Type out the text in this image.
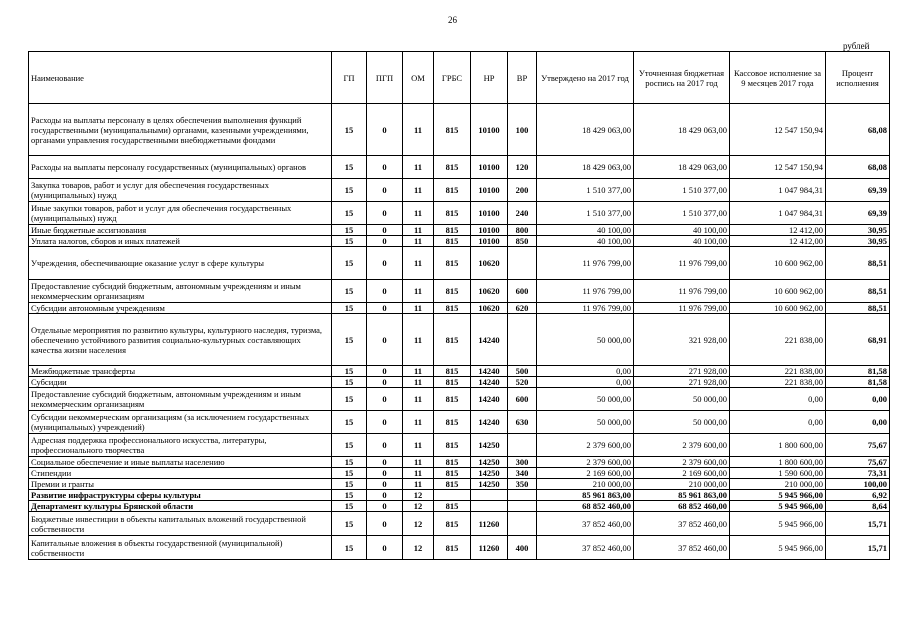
26
рублей
Наименование	ГП	ПГП	ОМ	ГРБС	НР	ВР	Утверждено на 2017 год	Уточненная бюджетная роспись на 2017 год	Кассовое исполнение за 9 месяцев 2017 года	Процент исполнения
Расходы на выплаты персоналу в целях обеспечения выполнения функций государственными (муниципальными) органами, казенными учреждениями, органами управления государственными внебюджетными фондами	15	0	11	815	10100	100	18 429 063,00	18 429 063,00	12 547 150,94	68,08
Расходы на выплаты персоналу государственных (муниципальных) органов	15	0	11	815	10100	120	18 429 063,00	18 429 063,00	12 547 150,94	68,08
Закупка товаров, работ и услуг для обеспечения государственных (муниципальных) нужд	15	0	11	815	10100	200	1 510 377,00	1 510 377,00	1 047 984,31	69,39
Иные закупки товаров, работ и услуг для обеспечения государственных (муниципальных) нужд	15	0	11	815	10100	240	1 510 377,00	1 510 377,00	1 047 984,31	69,39
Иные бюджетные ассигнования	15	0	11	815	10100	800	40 100,00	40 100,00	12 412,00	30,95
Уплата налогов, сборов и иных платежей	15	0	11	815	10100	850	40 100,00	40 100,00	12 412,00	30,95
Учреждения, обеспечивающие оказание услуг в сфере культуры	15	0	11	815	10620		11 976 799,00	11 976 799,00	10 600 962,00	88,51
Предоставление субсидий бюджетным, автономным учреждениям и иным некоммерческим организациям	15	0	11	815	10620	600	11 976 799,00	11 976 799,00	10 600 962,00	88,51
Субсидии автономным учреждениям	15	0	11	815	10620	620	11 976 799,00	11 976 799,00	10 600 962,00	88,51
Отдельные мероприятия по развитию культуры, культурного наследия, туризма, обеспечению устойчивого развития социально-культурных составляющих качества жизни населения	15	0	11	815	14240		50 000,00	321 928,00	221 838,00	68,91
Межбюджетные трансферты	15	0	11	815	14240	500	0,00	271 928,00	221 838,00	81,58
Субсидии	15	0	11	815	14240	520	0,00	271 928,00	221 838,00	81,58
Предоставление субсидий бюджетным, автономным учреждениям и иным некоммерческим организациям	15	0	11	815	14240	600	50 000,00	50 000,00	0,00	0,00
Субсидии некоммерческим организациям (за исключением государственных (муниципальных) учреждений)	15	0	11	815	14240	630	50 000,00	50 000,00	0,00	0,00
Адресная поддержка профессионального искусства, литературы, профессионального творчества	15	0	11	815	14250		2 379 600,00	2 379 600,00	1 800 600,00	75,67
Социальное обеспечение и иные выплаты населению	15	0	11	815	14250	300	2 379 600,00	2 379 600,00	1 800 600,00	75,67
Стипендии	15	0	11	815	14250	340	2 169 600,00	2 169 600,00	1 590 600,00	73,31
Премии и гранты	15	0	11	815	14250	350	210 000,00	210 000,00	210 000,00	100,00
Развитие инфраструктуры сферы культуры	15	0	12				85 961 863,00	85 961 863,00	5 945 966,00	6,92
Департамент культуры Брянской области	15	0	12	815			68 852 460,00	68 852 460,00	5 945 966,00	8,64
Бюджетные инвестиции в объекты капитальных вложений государственной собственности	15	0	12	815	11260		37 852 460,00	37 852 460,00	5 945 966,00	15,71
Капитальные вложения в объекты государственной (муниципальной) собственности	15	0	12	815	11260	400	37 852 460,00	37 852 460,00	5 945 966,00	15,71
